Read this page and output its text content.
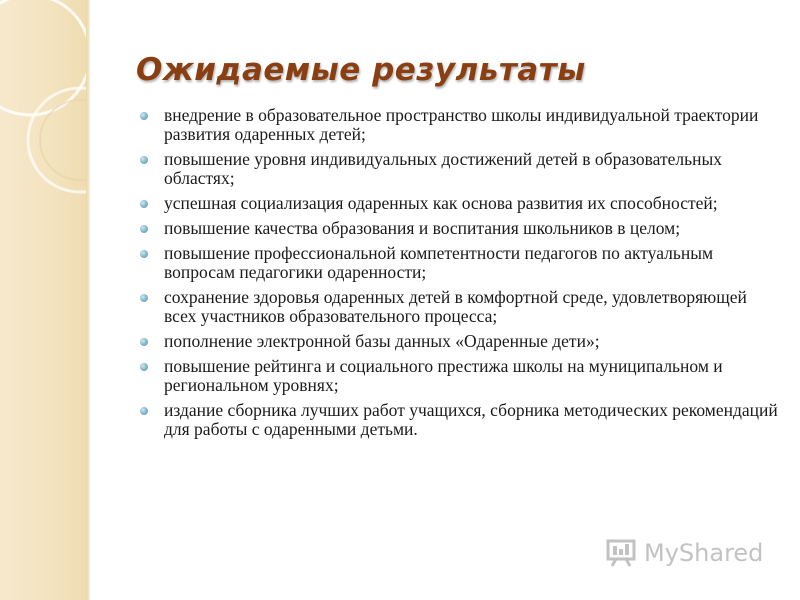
Ожидаемые результаты
внедрение в образовательное пространство школы индивидуальной траектории развития одаренных детей;
повышение уровня индивидуальных достижений детей в образовательных областях;
успешная социализация одаренных как основа развития их способностей;
повышение качества образования и воспитания школьников в целом;
повышение профессиональной компетентности педагогов по актуальным вопросам педагогики одаренности;
сохранение здоровья одаренных детей в комфортной среде, удовлетворяющей всех участников образовательного процесса;
пополнение электронной базы данных «Одаренные дети»;
повышение рейтинга и социального престижа школы на муниципальном и региональном уровнях;
издание сборника лучших работ учащихся, сборника методических рекомендаций для работы с одаренными детьми.
MyShared
